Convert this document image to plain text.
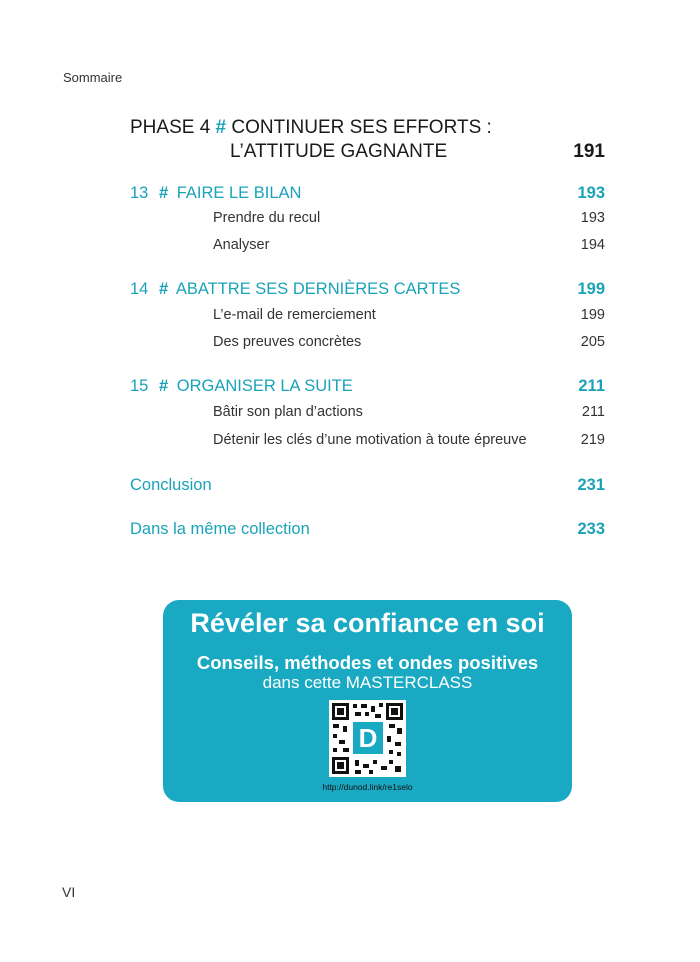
Sommaire
PHASE 4 # CONTINUER SES EFFORTS :
L’ATTITUDE GAGNANTE	191
13 # FAIRE LE BILAN	193
Prendre du recul	193
Analyser	194
14 # ABATTRE SES DERNIÈRES CARTES	199
L’e-mail de remerciement	199
Des preuves concrètes	205
15 # ORGANISER LA SUITE	211
Bâtir son plan d’actions	211
Détenir les clés d’une motivation à toute épreuve	219
Conclusion	231
Dans la même collection	233
Révéler sa confiance en soi
Conseils, méthodes et ondes positives
dans cette MASTERCLASS
D
http://dunod.link/re1selo
VI
